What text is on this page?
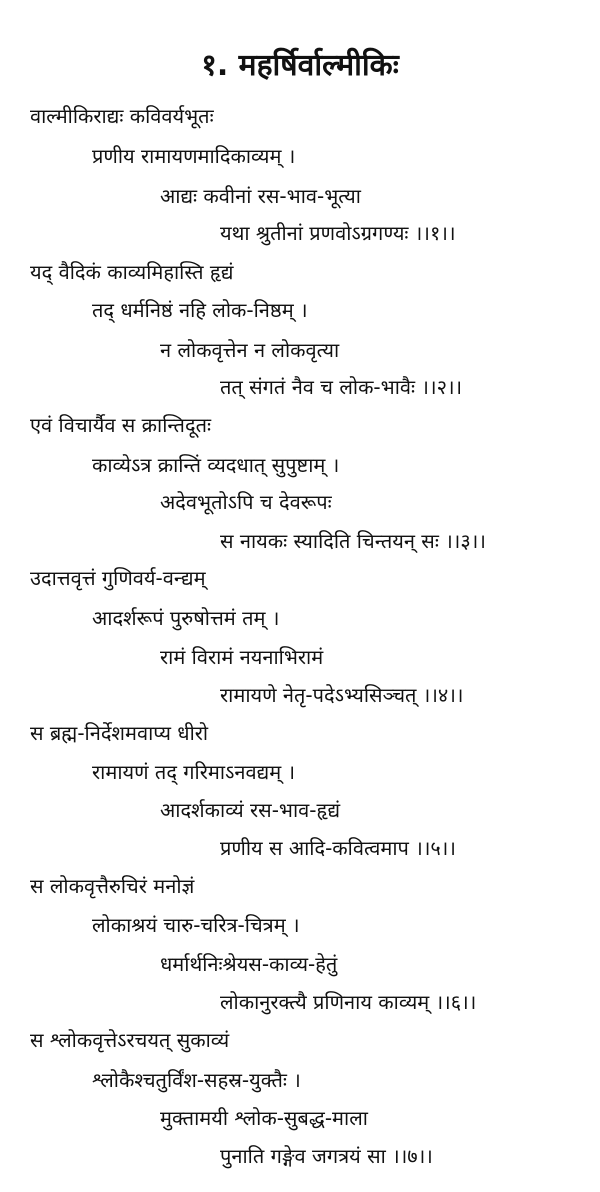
१. महर्षिर्वाल्मीकिः
वाल्मीकिराद्यः कविवर्यभूतः
प्रणीय रामायणमादिकाव्यम् ।
आद्यः कवीनां रस-भाव-भूत्या
यथा श्रुतीनां प्रणवोऽग्रगण्यः ।।१।।
यद् वैदिकं काव्यमिहास्ति हृद्यं
तद् धर्मनिष्ठं नहि लोक-निष्ठम् ।
न लोकवृत्तेन न लोकवृत्या
तत् संगतं नैव च लोक-भावैः ।।२।।
एवं विचार्यैव स क्रान्तिदूतः
काव्येऽत्र क्रान्तिं व्यदधात् सुपुष्टाम् ।
अदेवभूतोऽपि च देवरूपः
स नायकः स्यादिति चिन्तयन् सः ।।३।।
उदात्तवृत्तं गुणिवर्य-वन्द्यम्
आदर्शरूपं पुरुषोत्तमं तम् ।
रामं विरामं नयनाभिरामं
रामायणे नेतृ-पदेऽभ्यसिञ्चत् ।।४।।
स ब्रह्म-निर्देशमवाप्य धीरो
रामायणं तद् गरिमाऽनवद्यम् ।
आदर्शकाव्यं रस-भाव-हृद्यं
प्रणीय स आदि-कवित्वमाप ।।५।।
स लोकवृत्तैरुचिरं मनोज्ञं
लोकाश्रयं चारु-चरित्र-चित्रम् ।
धर्मार्थनिःश्रेयस-काव्य-हेतुं
लोकानुरक्त्यै प्रणिनाय काव्यम् ।।६।।
स श्लोकवृत्तेऽरचयत् सुकाव्यं
श्लोकैश्चतुर्विंश-सहस्र-युक्तैः ।
मुक्तामयी श्लोक-सुबद्ध-माला
पुनाति गङ्गेव जगत्रयं सा ।।७।।
